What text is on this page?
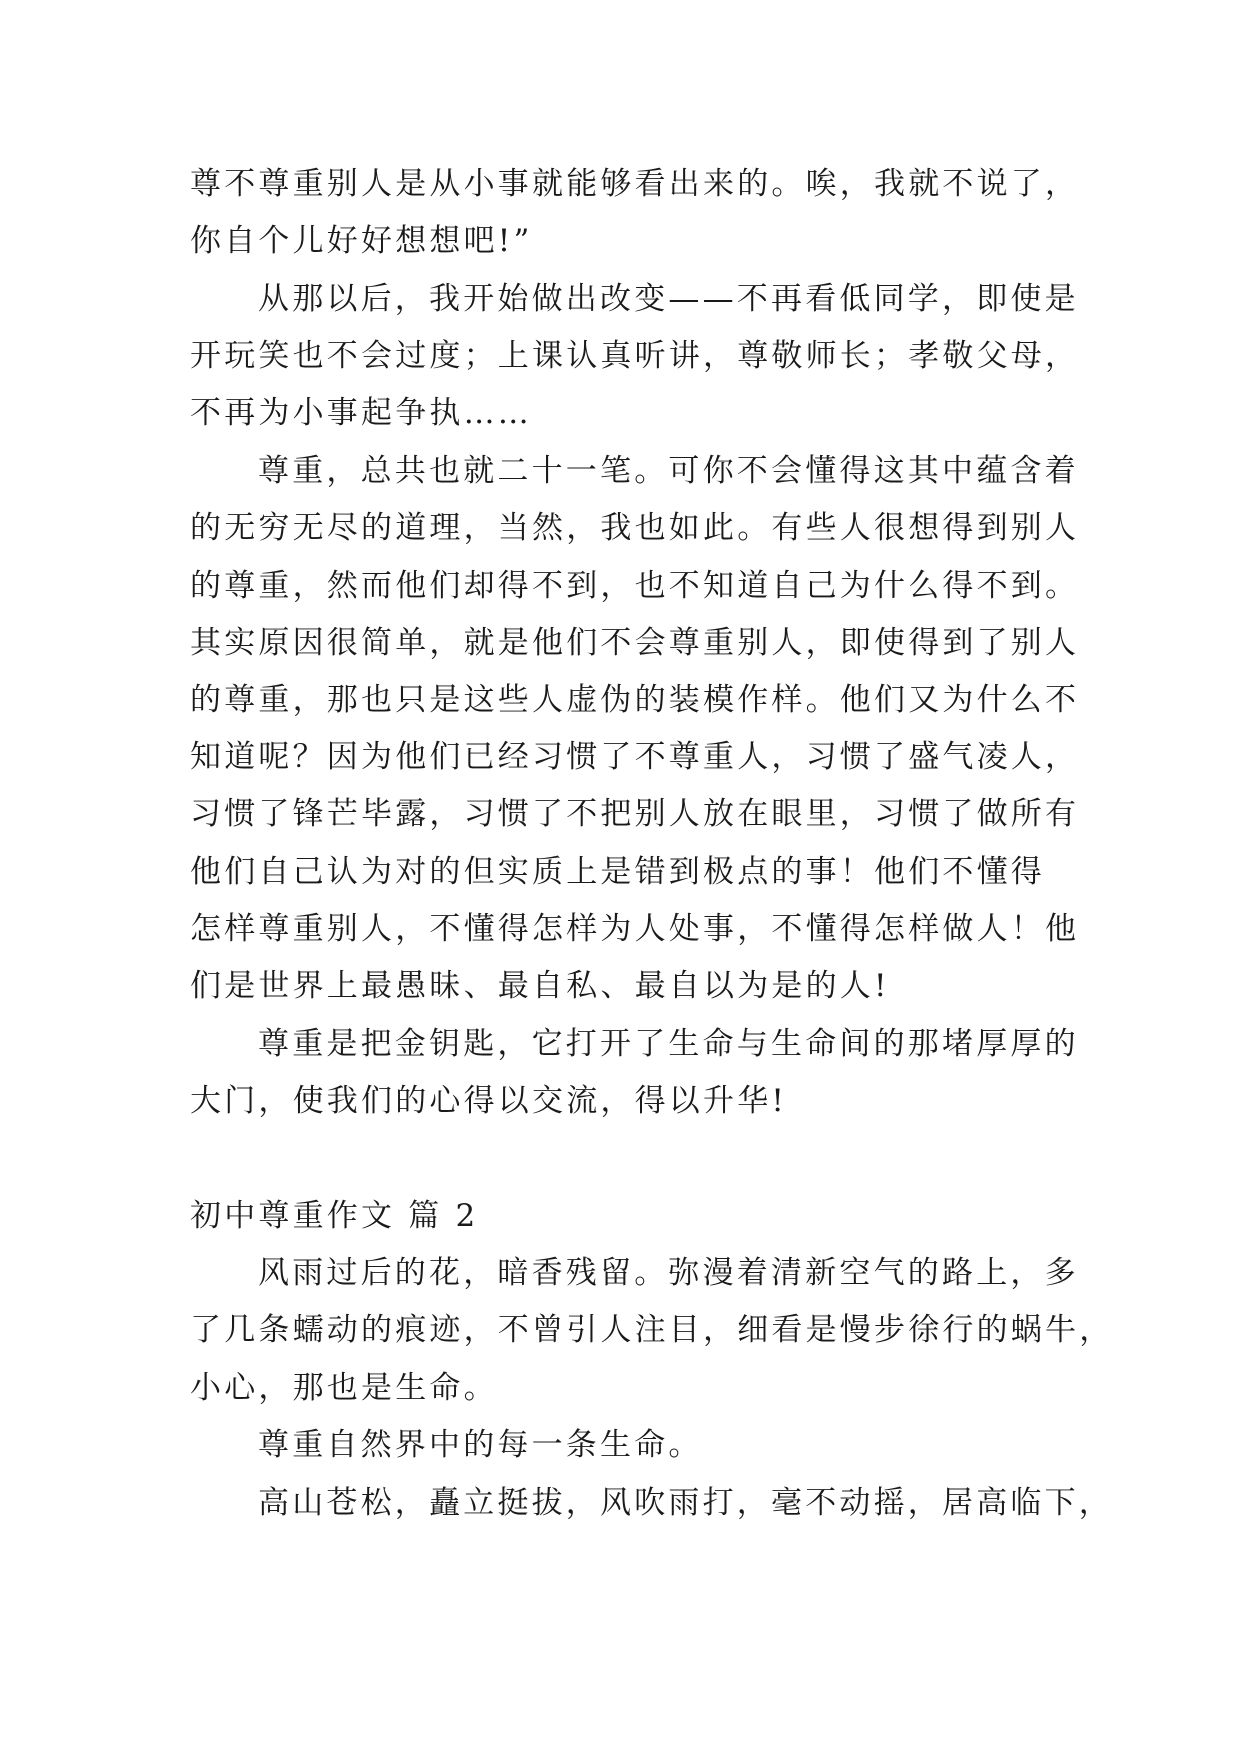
尊不尊重别人是从小事就能够看出来的。唉，我就不说了，
你自个儿好好想想吧!”
从那以后，我开始做出改变——不再看低同学，即使是
开玩笑也不会过度；上课认真听讲，尊敬师长；孝敬父母，
不再为小事起争执……
尊重，总共也就二十一笔。可你不会懂得这其中蕴含着
的无穷无尽的道理，当然，我也如此。有些人很想得到别人
的尊重，然而他们却得不到，也不知道自己为什么得不到。
其实原因很简单，就是他们不会尊重别人，即使得到了别人
的尊重，那也只是这些人虚伪的装模作样。他们又为什么不
知道呢？因为他们已经习惯了不尊重人，习惯了盛气凌人，
习惯了锋芒毕露，习惯了不把别人放在眼里，习惯了做所有
他们自己认为对的但实质上是错到极点的事！他们不懂得
怎样尊重别人，不懂得怎样为人处事，不懂得怎样做人！他
们是世界上最愚昧、最自私、最自以为是的人!
尊重是把金钥匙，它打开了生命与生命间的那堵厚厚的
大门，使我们的心得以交流，得以升华!
初中尊重作文 篇 2
风雨过后的花，暗香残留。弥漫着清新空气的路上，多
了几条蠕动的痕迹，不曾引人注目，细看是慢步徐行的蜗牛，
小心，那也是生命。
尊重自然界中的每一条生命。
高山苍松，矗立挺拔，风吹雨打，毫不动摇，居高临下，
